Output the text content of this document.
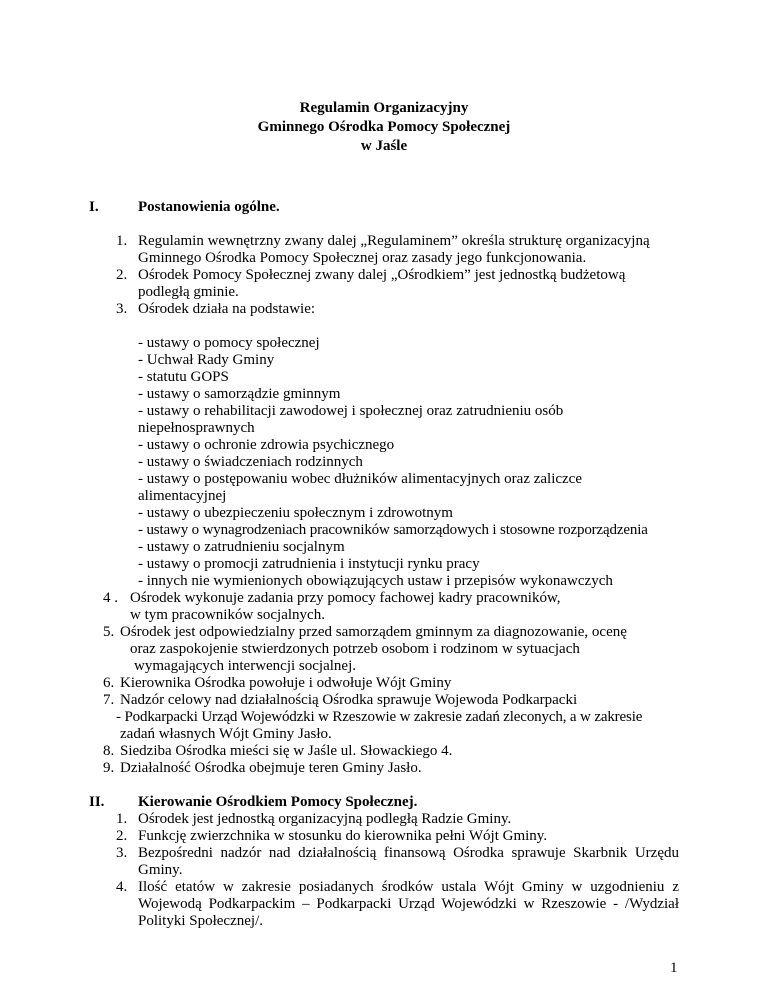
Regulamin Organizacyjny
Gminnego Ośrodka Pomocy Społecznej
w Jaśle
I.	Postanowienia ogólne.
1. Regulamin wewnętrzny zwany dalej „Regulaminem” określa strukturę organizacyjną
Gminnego Ośrodka Pomocy Społecznej oraz zasady jego funkcjonowania.
2. Ośrodek Pomocy Społecznej zwany dalej „Ośrodkiem” jest jednostką budżetową
podległą gminie.
3. Ośrodek działa na podstawie:
- ustawy o pomocy społecznej
- Uchwał Rady Gminy
- statutu GOPS
- ustawy o samorządzie gminnym
- ustawy o rehabilitacji zawodowej i społecznej oraz zatrudnieniu osób
niepełnosprawnych
- ustawy o ochronie zdrowia psychicznego
- ustawy o świadczeniach rodzinnych
- ustawy o postępowaniu wobec dłużników alimentacyjnych oraz zaliczce
alimentacyjnej
- ustawy o ubezpieczeniu społecznym i zdrowotnym
- ustawy o wynagrodzeniach pracowników samorządowych i stosowne rozporządzenia
- ustawy o zatrudnieniu socjalnym
- ustawy o promocji zatrudnienia i instytucji rynku pracy
- innych nie wymienionych obowiązujących ustaw i przepisów wykonawczych
4 . Ośrodek wykonuje zadania przy pomocy fachowej kadry pracowników,
w tym pracowników socjalnych.
5. Ośrodek jest odpowiedzialny przed samorządem gminnym za diagnozowanie, ocenę
oraz zaspokojenie stwierdzonych potrzeb osobom i rodzinom w sytuacjach
wymagających interwencji socjalnej.
6. Kierownika Ośrodka powołuje i odwołuje Wójt Gminy
7. Nadzór celowy nad działalnością Ośrodka sprawuje Wojewoda Podkarpacki
- Podkarpacki Urząd Wojewódzki w Rzeszowie w zakresie zadań zleconych, a w zakresie
zadań własnych Wójt Gminy Jasło.
8. Siedziba Ośrodka mieści się w Jaśle ul. Słowackiego 4.
9. Działalność Ośrodka obejmuje teren Gminy Jasło.
II. Kierowanie Ośrodkiem Pomocy Społecznej.
1. Ośrodek jest jednostką organizacyjną podległą Radzie Gminy.
2. Funkcję zwierzchnika w stosunku do kierownika pełni Wójt Gminy.
3. Bezpośredni nadzór nad działalnością finansową Ośrodka sprawuje Skarbnik Urzędu
Gminy.
4. Ilość etatów w zakresie posiadanych środków ustala Wójt Gminy w uzgodnieniu z
Wojewodą Podkarpackim – Podkarpacki Urząd Wojewódzki w Rzeszowie - /Wydział
Polityki Społecznej/.
1
